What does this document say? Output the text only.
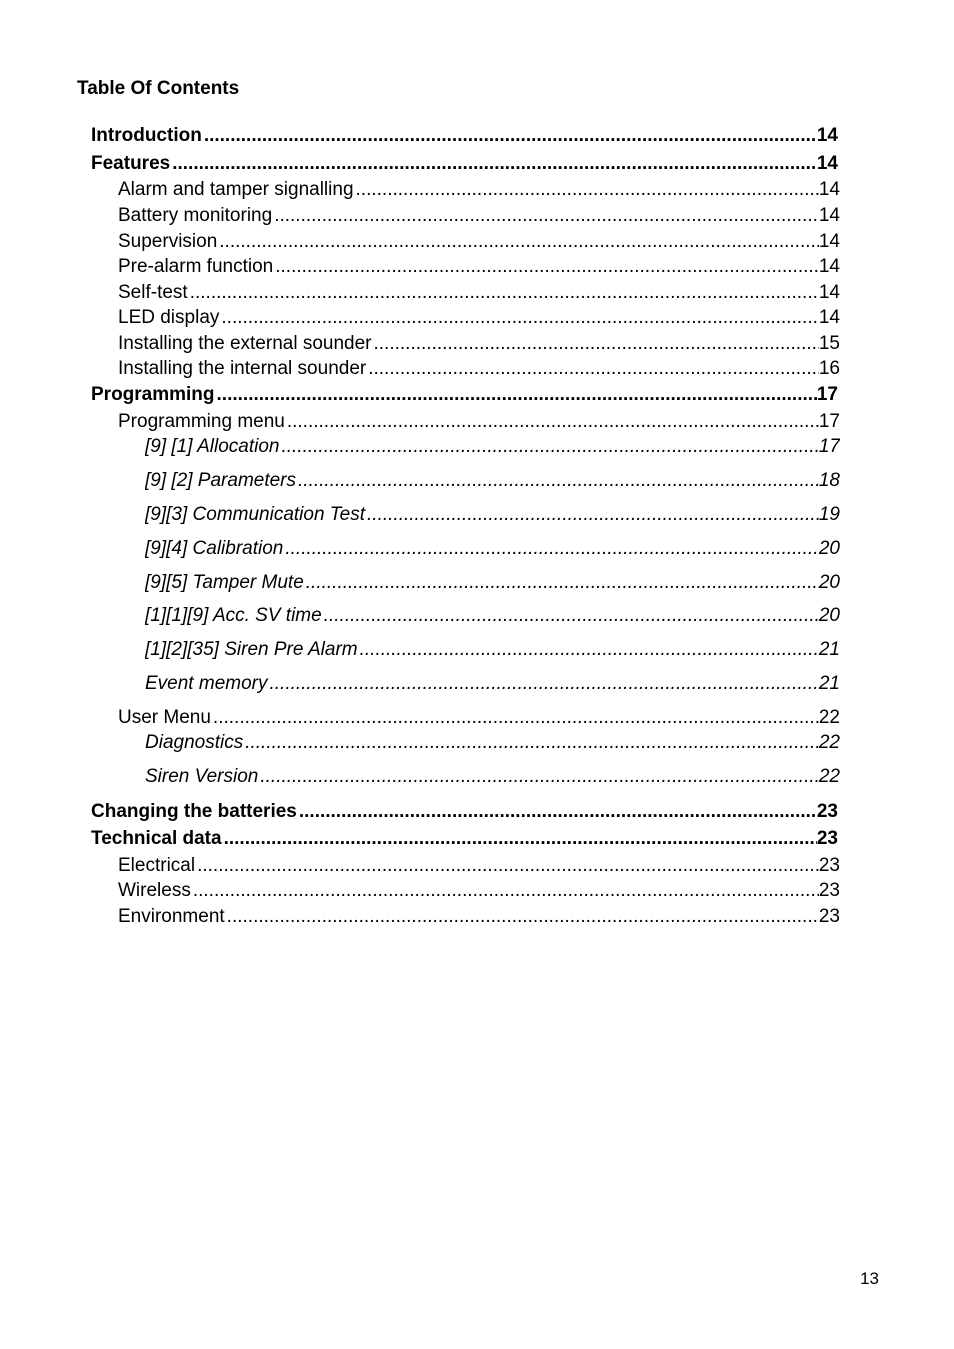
Table Of Contents
Introduction .....	14
Features .....	14
Alarm and tamper signalling .....	14
Battery monitoring .....	14
Supervision .....	14
Pre-alarm function .....	14
Self-test .....	14
LED display .....	14
Installing the external sounder .....	15
Installing the internal sounder .....	16
Programming .....	17
Programming menu .....	17
[9] [1] Allocation .....	17
[9] [2] Parameters .....	18
[9][3] Communication Test .....	19
[9][4] Calibration .....	20
[9][5] Tamper Mute .....	20
[1][1][9] Acc. SV time .....	20
[1][2][35] Siren Pre Alarm .....	21
Event memory .....	21
User Menu .....	22
Diagnostics .....	22
Siren Version .....	22
Changing the batteries .....	23
Technical data .....	23
Electrical .....	23
Wireless .....	23
Environment .....	23
13
